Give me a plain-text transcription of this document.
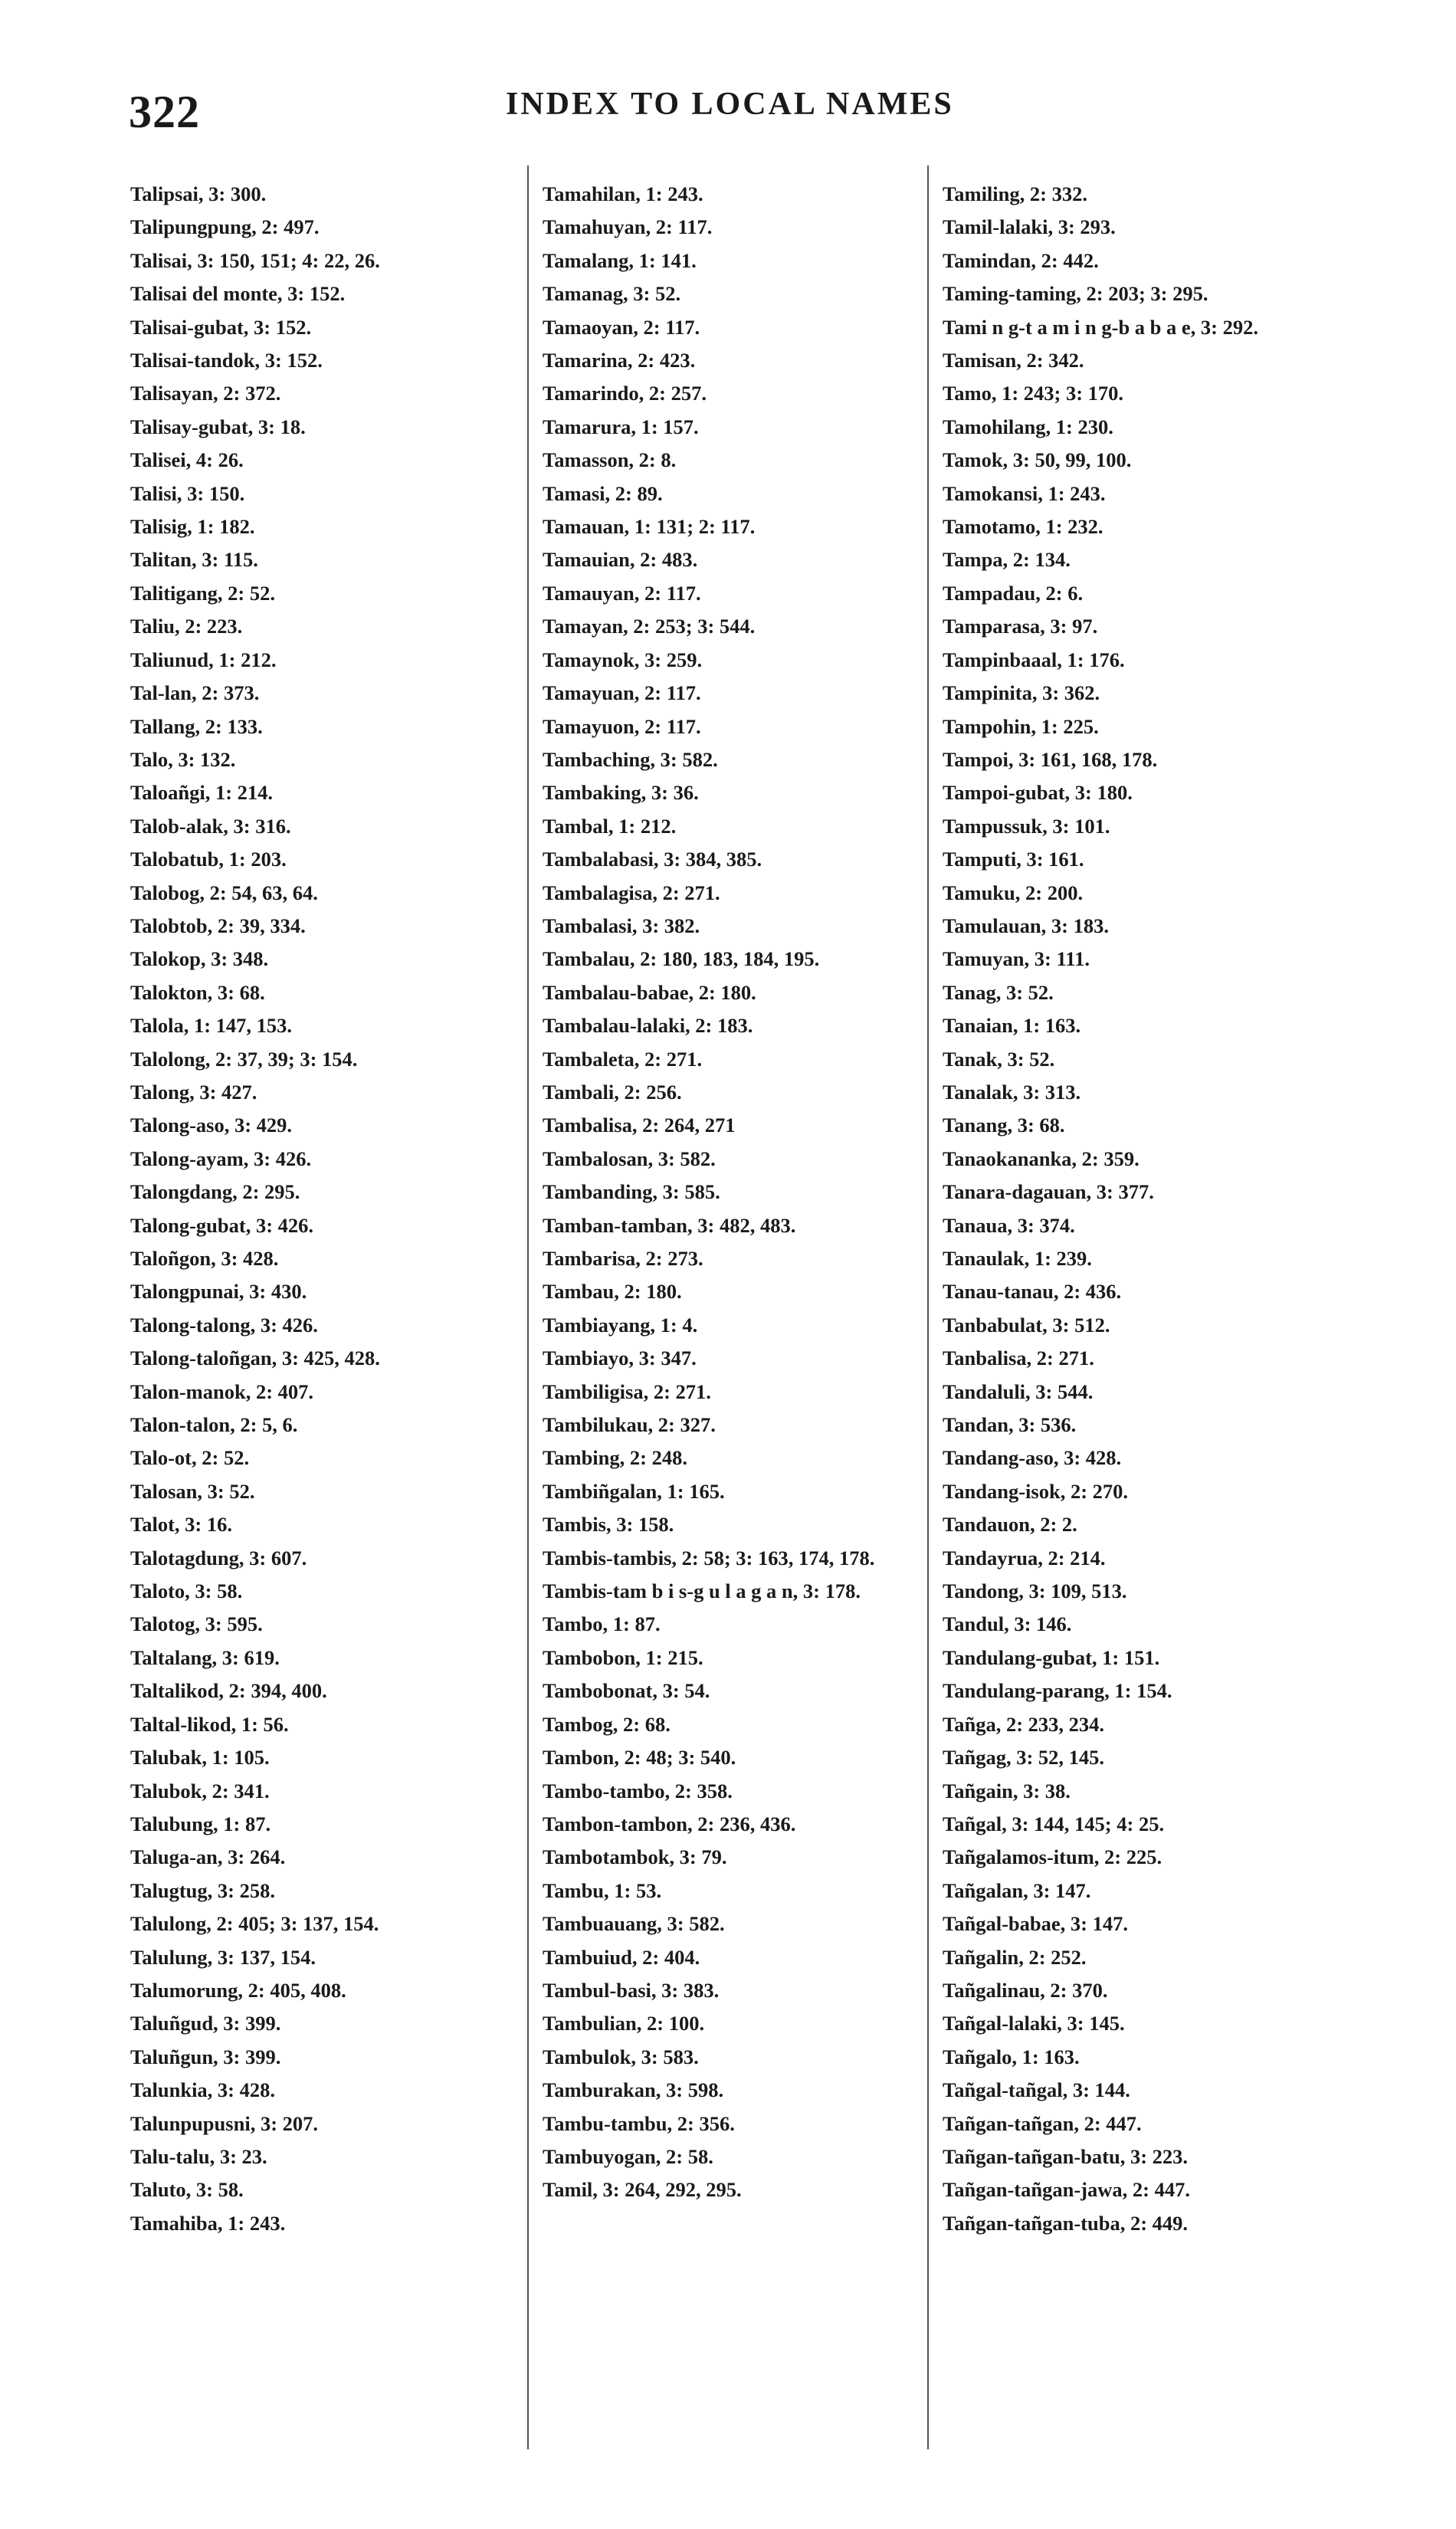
322	INDEX TO LOCAL NAMES
Talipsai, 3: 300.
Talipungpung, 2: 497.
Talisai, 3: 150, 151; 4: 22, 26.
Talisai del monte, 3: 152.
Talisai-gubat, 3: 152.
Talisai-tandok, 3: 152.
Talisayan, 2: 372.
Talisay-gubat, 3: 18.
Talisei, 4: 26.
Talisi, 3: 150.
Talisig, 1: 182.
Talitan, 3: 115.
Talitigang, 2: 52.
Taliu, 2: 223.
Taliunud, 1: 212.
Tal-lan, 2: 373.
Tallang, 2: 133.
Talo, 3: 132.
Taloañgi, 1: 214.
Talob-alak, 3: 316.
Talobatub, 1: 203.
Talobog, 2: 54, 63, 64.
Talobtob, 2: 39, 334.
Talokop, 3: 348.
Talokton, 3: 68.
Talola, 1: 147, 153.
Talolong, 2: 37, 39; 3: 154.
Talong, 3: 427.
Talong-aso, 3: 429.
Talong-ayam, 3: 426.
Talongdang, 2: 295.
Talong-gubat, 3: 426.
Taloñgon, 3: 428.
Talongpunai, 3: 430.
Talong-talong, 3: 426.
Talong-taloñgan, 3: 425, 428.
Talon-manok, 2: 407.
Talon-talon, 2: 5, 6.
Talo-ot, 2: 52.
Talosan, 3: 52.
Talot, 3: 16.
Talotagdung, 3: 607.
Taloto, 3: 58.
Talotog, 3: 595.
Taltalang, 3: 619.
Taltalikod, 2: 394, 400.
Taltal-likod, 1: 56.
Talubak, 1: 105.
Talubok, 2: 341.
Talubung, 1: 87.
Taluga-an, 3: 264.
Talugtug, 3: 258.
Talulong, 2: 405; 3: 137, 154.
Talulung, 3: 137, 154.
Talumorung, 2: 405, 408.
Taluñgud, 3: 399.
Taluñgun, 3: 399.
Talunkia, 3: 428.
Talunpupusni, 3: 207.
Talu-talu, 3: 23.
Taluto, 3: 58.
Tamahiba, 1: 243.
Tamahilan, 1: 243.
Tamahuyan, 2: 117.
Tamalang, 1: 141.
Tamanag, 3: 52.
Tamaoyan, 2: 117.
Tamarina, 2: 423.
Tamarindo, 2: 257.
Tamarura, 1: 157.
Tamasson, 2: 8.
Tamasi, 2: 89.
Tamauan, 1: 131; 2: 117.
Tamauian, 2: 483.
Tamauyan, 2: 117.
Tamayan, 2: 253; 3: 544.
Tamaynok, 3: 259.
Tamayuan, 2: 117.
Tamayuon, 2: 117.
Tambaching, 3: 582.
Tambaking, 3: 36.
Tambal, 1: 212.
Tambalabasi, 3: 384, 385.
Tambalagisa, 2: 271.
Tambalasi, 3: 382.
Tambalau, 2: 180, 183, 184, 195.
Tambalau-babae, 2: 180.
Tambalau-lalaki, 2: 183.
Tambaleta, 2: 271.
Tambali, 2: 256.
Tambalisa, 2: 264, 271
Tambalosan, 3: 582.
Tambanding, 3: 585.
Tamban-tamban, 3: 482, 483.
Tambarisa, 2: 273.
Tambau, 2: 180.
Tambiayang, 1: 4.
Tambiayo, 3: 347.
Tambiligisa, 2: 271.
Tambilukau, 2: 327.
Tambing, 2: 248.
Tambiñgalan, 1: 165.
Tambis, 3: 158.
Tambis-tambis, 2: 58; 3: 163, 174, 178.
Tambis-tam b i s-g u l a g a n, 3: 178.
Tambo, 1: 87.
Tambobon, 1: 215.
Tambobonat, 3: 54.
Tambog, 2: 68.
Tambon, 2: 48; 3: 540.
Tambo-tambo, 2: 358.
Tambon-tambon, 2: 236, 436.
Tambotambok, 3: 79.
Tambu, 1: 53.
Tambuauang, 3: 582.
Tambuiud, 2: 404.
Tambul-basi, 3: 383.
Tambulian, 2: 100.
Tambulok, 3: 583.
Tamburakan, 3: 598.
Tambu-tambu, 2: 356.
Tambuyogan, 2: 58.
Tamil, 3: 264, 292, 295.
Tamiling, 2: 332.
Tamil-lalaki, 3: 293.
Tamindan, 2: 442.
Taming-taming, 2: 203; 3: 295.
Tami n g-t a m i n g-b a b a e, 3: 292.
Tamisan, 2: 342.
Tamo, 1: 243; 3: 170.
Tamohilang, 1: 230.
Tamok, 3: 50, 99, 100.
Tamokansi, 1: 243.
Tamotamo, 1: 232.
Tampa, 2: 134.
Tampadau, 2: 6.
Tamparasa, 3: 97.
Tampinbaaal, 1: 176.
Tampinita, 3: 362.
Tampohin, 1: 225.
Tampoi, 3: 161, 168, 178.
Tampoi-gubat, 3: 180.
Tampussuk, 3: 101.
Tamputi, 3: 161.
Tamuku, 2: 200.
Tamulauan, 3: 183.
Tamuyan, 3: 111.
Tanag, 3: 52.
Tanaian, 1: 163.
Tanak, 3: 52.
Tanalak, 3: 313.
Tanang, 3: 68.
Tanaokananka, 2: 359.
Tanara-dagauan, 3: 377.
Tanaua, 3: 374.
Tanaulak, 1: 239.
Tanau-tanau, 2: 436.
Tanbabulat, 3: 512.
Tanbalisa, 2: 271.
Tandaluli, 3: 544.
Tandan, 3: 536.
Tandang-aso, 3: 428.
Tandang-isok, 2: 270.
Tandauon, 2: 2.
Tandayrua, 2: 214.
Tandong, 3: 109, 513.
Tandul, 3: 146.
Tandulang-gubat, 1: 151.
Tandulang-parang, 1: 154.
Tañga, 2: 233, 234.
Tañgag, 3: 52, 145.
Tañgain, 3: 38.
Tañgal, 3: 144, 145; 4: 25.
Tañgalamos-itum, 2: 225.
Tañgalan, 3: 147.
Tañgal-babae, 3: 147.
Tañgalin, 2: 252.
Tañgalinau, 2: 370.
Tañgal-lalaki, 3: 145.
Tañgalo, 1: 163.
Tañgal-tañgal, 3: 144.
Tañgan-tañgan, 2: 447.
Tañgan-tañgan-batu, 3: 223.
Tañgan-tañgan-jawa, 2: 447.
Tañgan-tañgan-tuba, 2: 449.
